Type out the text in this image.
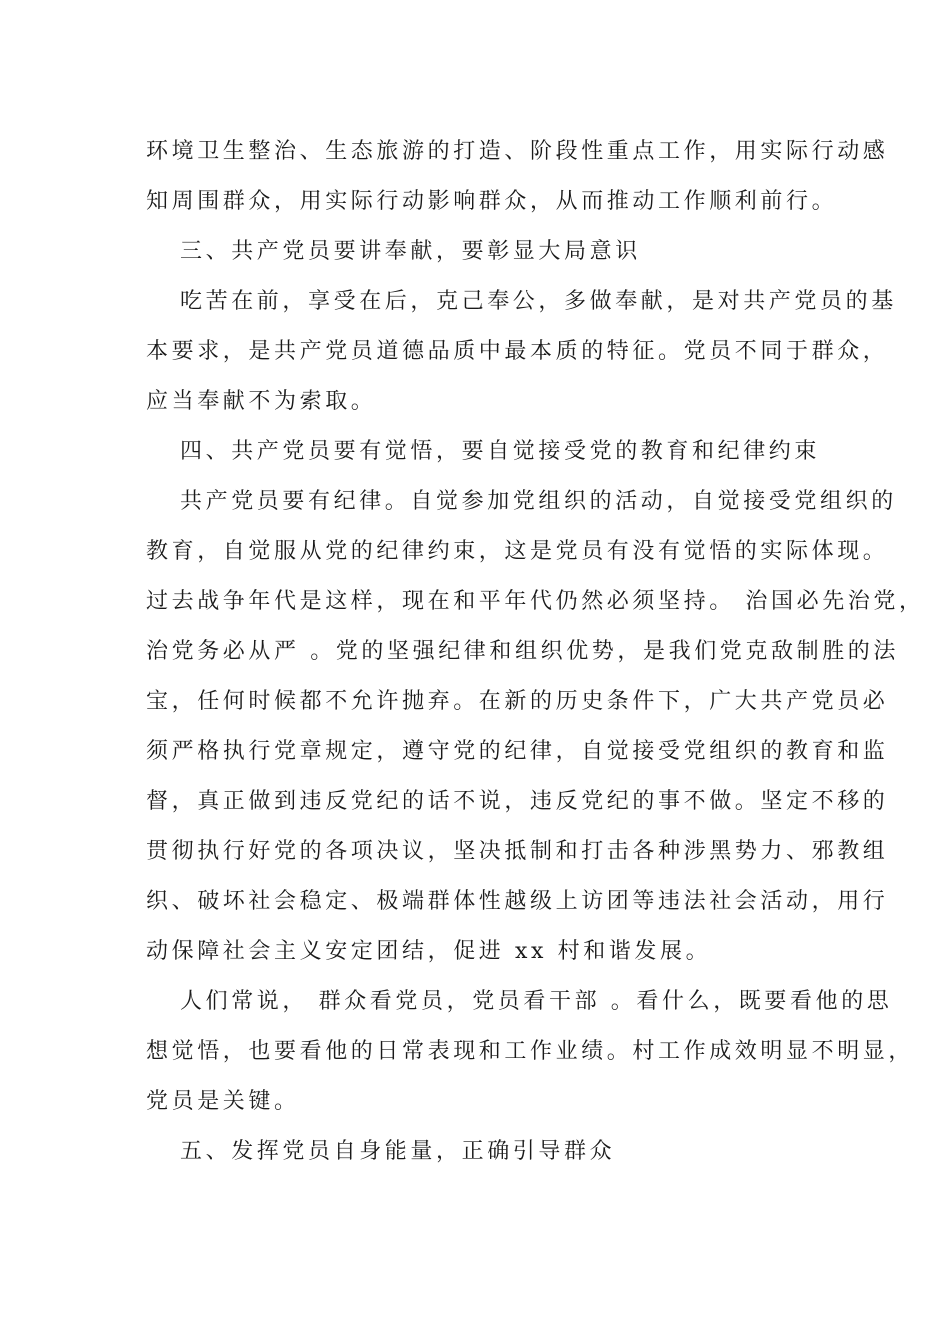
环境卫生整治、生态旅游的打造、阶段性重点工作，用实际行动感

知周围群众，用实际行动影响群众，从而推动工作顺利前行。

三、共产党员要讲奉献，要彰显大局意识

吃苦在前，享受在后，克己奉公，多做奉献，是对共产党员的基

本要求，是共产党员道德品质中最本质的特征。党员不同于群众，

应当奉献不为索取。

四、共产党员要有觉悟，要自觉接受党的教育和纪律约束

共产党员要有纪律。自觉参加党组织的活动，自觉接受党组织的

教育，自觉服从党的纪律约束，这是党员有没有觉悟的实际体现。

过去战争年代是这样，现在和平年代仍然必须坚持。 治国必先治党，

治党务必从严 。党的坚强纪律和组织优势，是我们党克敌制胜的法

宝，任何时候都不允许抛弃。在新的历史条件下，广大共产党员必

须严格执行党章规定，遵守党的纪律，自觉接受党组织的教育和监

督，真正做到违反党纪的话不说，违反党纪的事不做。坚定不移的

贯彻执行好党的各项决议，坚决抵制和打击各种涉黑势力、邪教组

织、破坏社会稳定、极端群体性越级上访团等违法社会活动，用行

动保障社会主义安定团结，促进 xx 村和谐发展。

人们常说， 群众看党员，党员看干部 。看什么，既要看他的思

想觉悟，也要看他的日常表现和工作业绩。村工作成效明显不明显，

党员是关键。

五、发挥党员自身能量，正确引导群众
